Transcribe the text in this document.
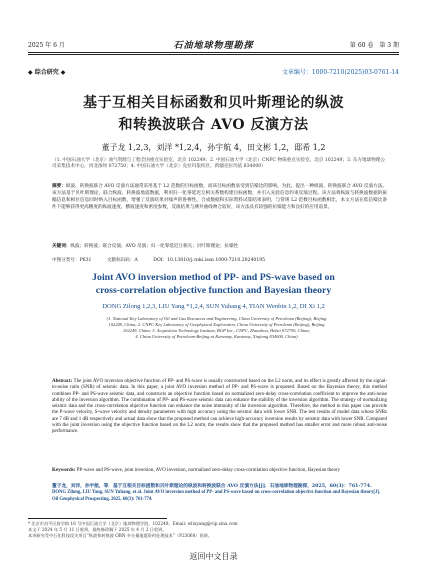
2025 年 6 月	石油地球物理勘探	第 60 卷　第 3 期
◆ 综合研究 ◆	文章编号：1000-7210(2025)03-0761-14
基于互相关目标函数和贝叶斯理论的纵波
和转换波联合 AVO 反演方法
董子龙 1,2,3，刘洋 *1,2,4，孙宇航 4，田文彬 1,2，邸希 1,2
（1. 中国石油大学（北京）油气资源与工程全国重点实验室，北京 102249；2. 中国石油大学（北京）CNPC 物探重点实验室，北京 102249；3. 东方地球物理公司采集技术中心，河北涿州 072750；4. 中国石油大学（北京）克拉玛依校区，新疆克拉玛依 834000）
摘要：纵波、转换波联合 AVO 反演方法通常采用基于 L2 范数的目标函数，而该目标函数易受到信噪比的影响。为此，提出一种纵波、转换波联合 AVO 反演方法。该方法基于贝叶斯理论，联合纵波、转换波地震数据，利用归一化零延迟互相关系数构建目标函数，并引入先验信息约束反演过程。该方法将纵波与转换波数据的振幅信息和相位信息同时纳入目标函数，增强了反演结果对噪声的鲁棒性。合成数据和实际资料试算结果表明，与常规 L2 范数目标函数相比，本文方法在低信噪比条件下能够获得更高精度的纵波速度、横波速度和密度参数，反演结果与测井曲线吻合较好，该方法具有较强的抗噪能力和良好的应用前景。
关键词：纵波；转换波；联合反演；AVO 反演；归一化零延迟互相关；贝叶斯理论；抗噪性
中图分类号：P631	文献标识码：A	DOI：10.13810/j.cnki.issn.1000-7210.20240195
Joint AVO inversion method of PP- and PS-wave based on
cross-correlation objective function and Bayesian theory
DONG Zilong 1,2,3, LIU Yang *1,2,4, SUN Yuhang 4, TIAN Wenbin 1,2, DI Xi 1,2
(1. National Key Laboratory of Oil and Gas Resources and Engineering, China University of Petroleum (Beijing), Beijing
102249, China; 2. CNPC Key Laboratory of Geophysical Exploration, China University of Petroleum (Beijing), Beijing
102249, China; 3. Acquisition Technology Institute, BGP Inc., CNPC, Zhuozhou, Hebei 072750, China;
4. China University of Petroleum-Beijing at Karamay, Karamay, Xinjiang 834000, China)
Abstract: The joint AVO inversion objective function of PP- and PS-wave is usually constructed based on the L2 norm, and its effect is greatly affected by the signal-to-noise ratio (SNR) of seismic data. In this paper, a joint AVO inversion method of PP- and PS-wave is proposed. Based on the Bayesian theory, this method combines PP- and PS-wave seismic data, and constructs an objective function based on normalized zero-delay cross-correlation coefficient to improve the anti-noise ability of the inversion algorithm. The combination of PP- and PS-wave seismic data can enhance the stability of the inversion algorithm. The strategy of normalizing seismic data and the cross-correlation objective function can enhance the noise immunity of the inversion algorithm. Therefore, the method in this paper can provide the P-wave velocity, S-wave velocity and density parameters with high accuracy using the seismic data with lower SNR. The test results of model data whose SNRs are 7 dB and 1 dB respectively and actual data show that the proposed method can achieve high-accuracy inversion results by seismic data with lower SNR. Compared with the joint inversion using the objective function based on the L2 norm, the results show that the proposed method has smaller error and more robust anti-noise performance.
Keywords: PP-wave and PS-wave, joint inversion, AVO inversion, normalized zero-delay cross-correlation objective function, Bayesian theory
董子龙，刘洋，孙宇航，等．基于互相关目标函数和贝叶斯理论的纵波和转换波联合 AVO 反演方法[J]．石油地球物理勘探，2025，60(3)：761-774.
DONG Zilong, LIU Yang, SUN Yuhang, et al. Joint AVO inversion method of PP- and PS-wave based on cross-correlation objective function and Bayesian theory[J]. Oil Geophysical Prospecting, 2025, 60(3): 761-774.
* 北京市昌平区府学路 18 号中国石油大学（北京）地球物理学院，102249。Email: wliuyang@vip.sina.com
本文于 2024 年 5 月 11 日收到，最终修改稿于 2025 年 4 月 2 日收到。
本项研究受中石化科技攻关项目“纵波和转换波 OBN 多分量地震资料处理技术”（P23068）资助。
返回中文目录
